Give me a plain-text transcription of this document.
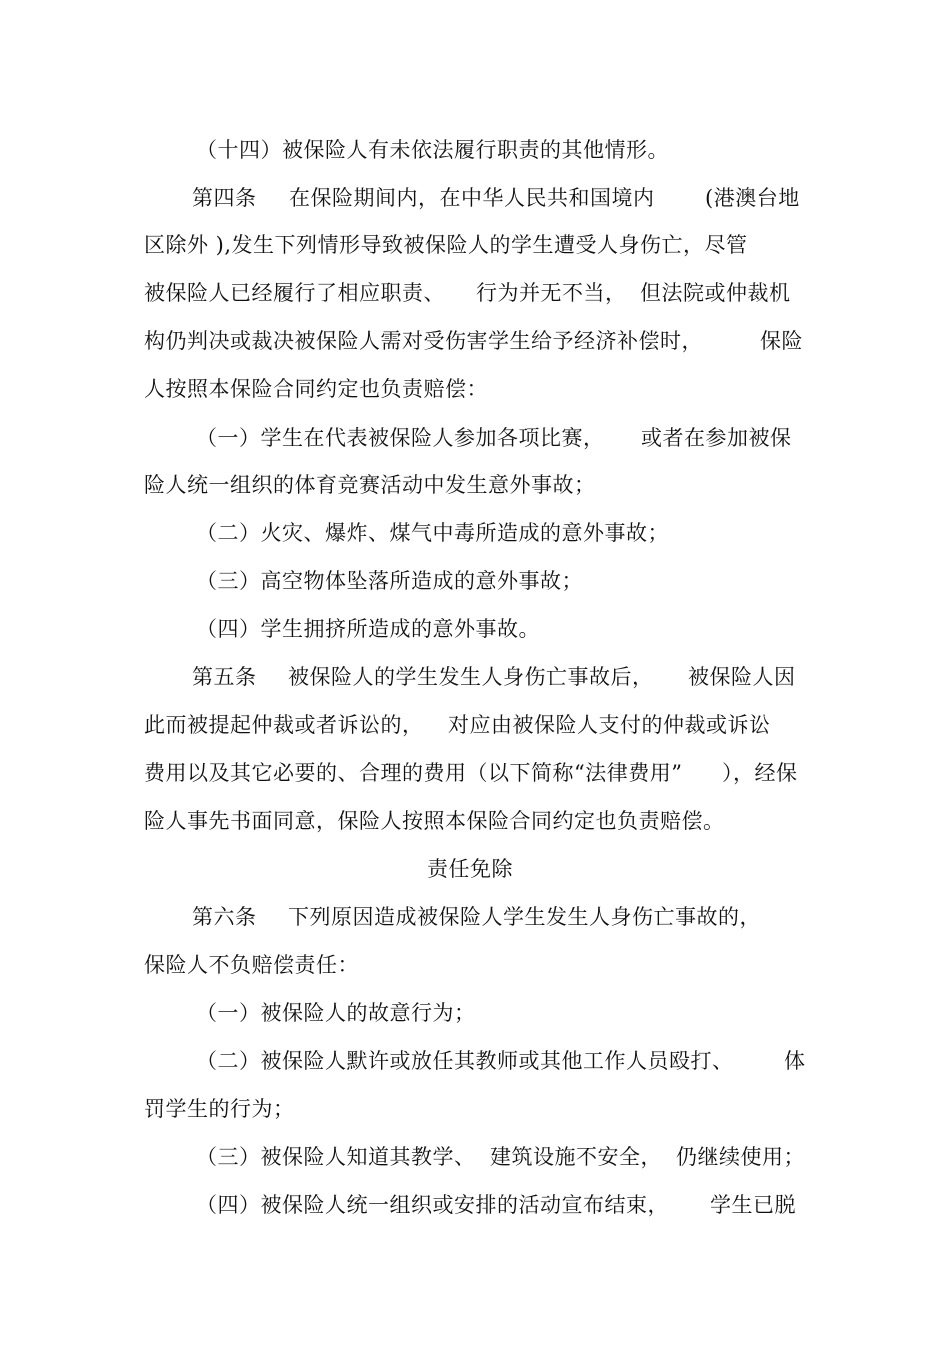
（十四）被保险人有未依法履行职责的其他情形。

第四条

在保险期间内，在中华人民共和国境内

(港澳台地

区除外 ),发生下列情形导致被保险人的学生遭受人身伤亡，尽管

被保险人已经履行了相应职责、

行为并无不当，

但法院或仲裁机

构仍判决或裁决被保险人需对受伤害学生给予经济补偿时，

	保险

人按照本保险合同约定也负责赔偿：

（一）学生在代表被保险人参加各项比赛，

或者在参加被保

险人统一组织的体育竞赛活动中发生意外事故；

（二）火灾、爆炸、煤气中毒所造成的意外事故；

（三）高空物体坠落所造成的意外事故；

（四）学生拥挤所造成的意外事故。

第五条

被保险人的学生发生人身伤亡事故后，

被保险人因

此而被提起仲裁或者诉讼的，

对应由被保险人支付的仲裁或诉讼

费用以及其它必要的、合理的费用（以下简称“法律费用”

），经保

险人事先书面同意，保险人按照本保险合同约定也负责赔偿。

责任免除

第六条

下列原因造成被保险人学生发生人身伤亡事故的，

保险人不负赔偿责任：

（一）被保险人的故意行为；

（二）被保险人默许或放任其教师或其他工作人员殴打、

体

罚学生的行为；

（三）被保险人知道其教学、

建筑设施不安全，

仍继续使用；

（四）被保险人统一组织或安排的活动宣布结束，

学生已脱
